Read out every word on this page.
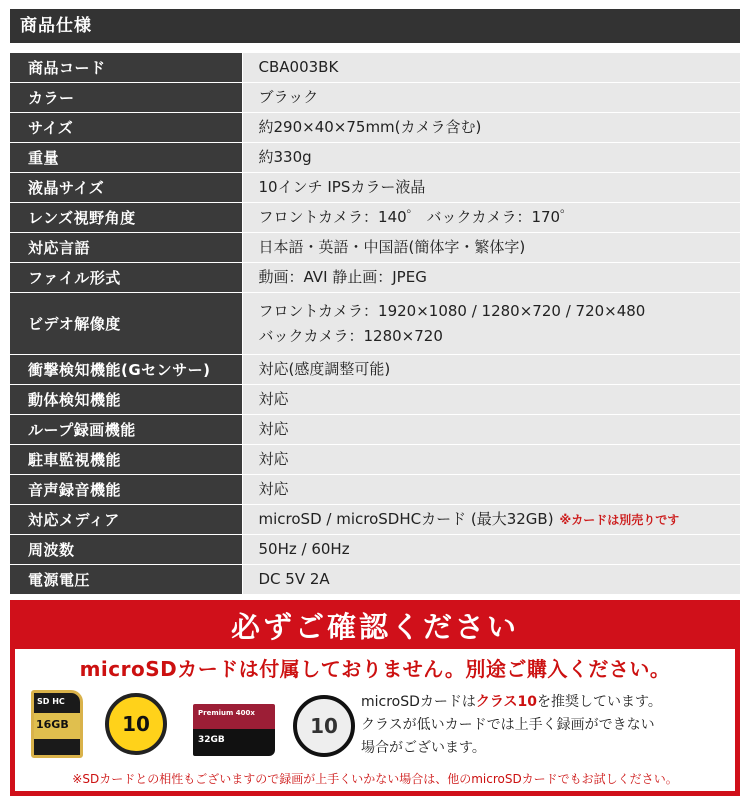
商品仕様
商品コード	CBA003BK

カラー	ブラック

サイズ	約290×40×75mm(カメラ含む)

重量	約330g

液晶サイズ	10インチ IPSカラー液晶

レンズ視野角度	フロントカメラ：140゜ バックカメラ：170゜

対応言語	日本語・英語・中国語(簡体字・繁体字)

ファイル形式	動画：AVI 静止画：JPEG

ビデオ解像度	フロントカメラ：1920×1080 / 1280×720 / 720×480
バックカメラ：1280×720

衝撃検知機能(Gセンサー)	対応(感度調整可能)

動体検知機能	対応

ループ録画機能	対応

駐車監視機能	対応

音声録音機能	対応

対応メディア	microSD / microSDHCカード (最大32GB) ※カードは別売りです

周波数	50Hz / 60Hz

電源電圧	DC 5V 2A
必ずご確認ください
microSDカードは付属しておりません。別途ご購入ください。
SD HC
16GB	10	Premium 400x
32GB
10
microSDカードはクラス10を推奨しています。
クラスが低いカードでは上手く録画ができない
場合がございます。
※SDカードとの相性もございますので録画が上手くいかない場合は、他のmicroSDカードでもお試しください。
